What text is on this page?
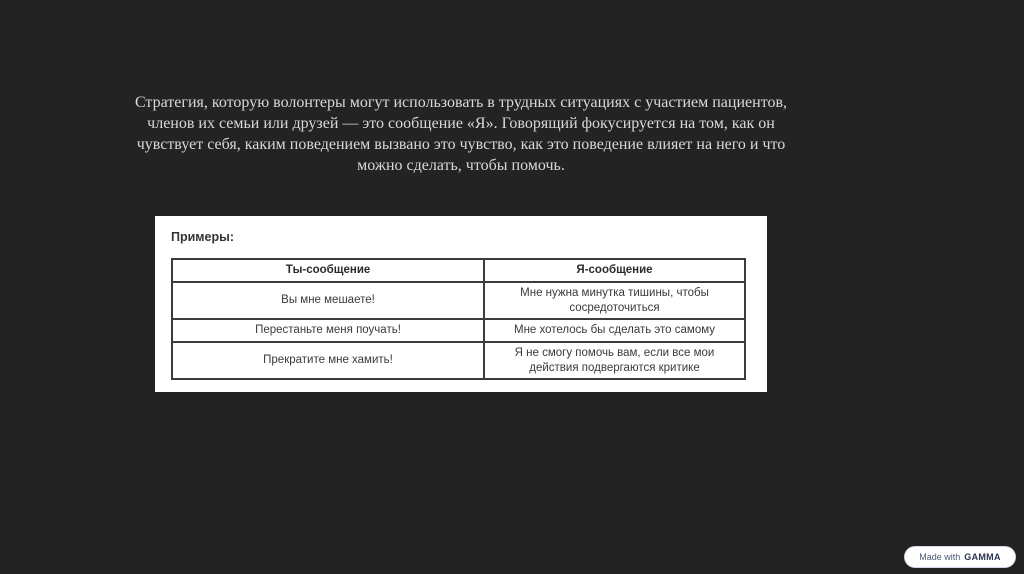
Стратегия, которую волонтеры могут использовать в трудных ситуациях с участием пациентов, членов их семьи или друзей — это сообщение «Я». Говорящий фокусируется на том, как он чувствует себя, каким поведением вызвано это чувство, как это поведение влияет на него и что можно сделать, чтобы помочь.

Примеры:
Ты-сообщение	Я-сообщение
Вы мне мешаете!	Мне нужна минутка тишины, чтобы сосредоточиться
Перестаньте меня поучать!	Мне хотелось бы сделать это самому
Прекратите мне хамить!	Я не смогу помочь вам, если все мои действия подвергаются критике
Made with GAMMA
